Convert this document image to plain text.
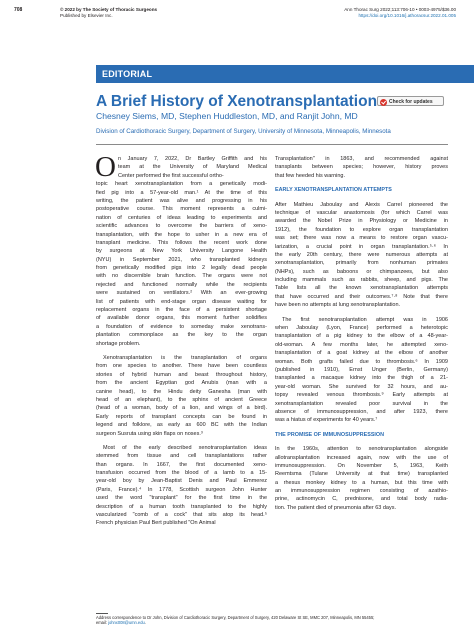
708	© 2022 by The Society of Thoracic Surgeons
Published by Elsevier Inc.
Ann Thorac Surg 2022;113:706-10 • 0003-4975/$36.00
https://doi.org/10.1016/j.athoracsur.2022.01.005
EDITORIAL
A Brief History of Xenotransplantation Check for updates
Chesney Siems, MD, Stephen Huddleston, MD, and Ranjit John, MD
Division of Cardiothoracic Surgery, Department of Surgery, University of Minnesota, Minneapolis, Minnesota
O n January 7, 2022, Dr Bartley Griffith and his

team at the University of Maryland Medical

Center performed the first successful ortho-

topic heart xenotransplantation from a genetically modi-

fied pig into a 57-year-old man.¹ At the time of this

writing, the patient was alive and progressing in his

postoperative course. This moment represents a culmi-

nation of centuries of ideas leading to experiments and

scientific advances to overcome the barriers of xeno-

transplantation, with the hope to usher in a new era of

transplant medicine. This follows the recent work done

by surgeons at New York University Langone Health

(NYU) in September 2021, who transplanted kidneys

from genetically modified pigs into 2 legally dead people

with no discernible brain function. The organs were not

rejected and functioned normally while the recipients

were sustained on ventilators.² With an ever-growing

list of patients with end-stage organ disease waiting for

replacement organs in the face of a persistent shortage

of available donor organs, this moment further solidifies

a foundation of evidence to someday make xenotrans-

plantation commonplace as the key to the organ

shortage problem.

Xenotransplantation is the transplantation of organs

from one species to another. There have been countless

stories of hybrid human and beast throughout history,

from the ancient Egyptian god Anubis (man with a

canine head), to the Hindu deity Ganesha (man with

head of an elephant), to the sphinx of ancient Greece

(head of a woman, body of a lion, and wings of a bird).

Early reports of transplant concepts can be found in

legend and folklore, as early as 600 BC with the Indian

surgeon Susruta using skin flaps on noses.³

Most of the early described xenotransplantation ideas

stemmed from tissue and cell transplantations rather

than organs. In 1667, the first documented xeno-

transfusion occurred from the blood of a lamb to a 15-

year-old boy by Jean-Baptist Denis and Paul Emmerez

(Paris, France).⁴ In 1778, Scottish surgeon John Hunter

used the word "transplant" for the first time in the

description of a human tooth transplanted to the highly

vascularized "comb of a cock" that sits atop its head.⁵

French physician Paul Bert published "On Animal

Transplantation" in 1863, and recommended against

transplants between species; however, history proves

that few heeded his warning.

EARLY XENOTRANSPLANTATION ATTEMPTS

After Mathieu Jaboulay and Alexis Carrel pioneered the

technique of vascular anastomosis (for which Carrel was

awarded the Nobel Prize in Physiology or Medicine in

1912), the foundation to explore organ transplantation

was set; there was now a means to restore organ vascu-

larization, a crucial point in organ transplantation.⁵·⁶ In

the early 20th century, there were numerous attempts at

xenotransplantation, primarily from nonhuman primates

(NHPs), such as baboons or chimpanzees, but also

including mammals such as rabbits, sheep, and pigs. The

Table lists all the known xenotransplantation attempts

that have occurred and their outcomes.⁷·⁸ Note that there

have been no attempts at lung xenotransplantation.

The first xenotransplantation attempt was in 1906

when Jaboulay (Lyon, France) performed a heterotopic

transplantation of a pig kidney to the elbow of a 48-year-

old-woman. A few months later, he attempted xeno-

transplantation of a goat kidney at the elbow of another

woman. Both grafts failed due to thrombosis.⁶ In 1909

(published in 1910), Ernst Unger (Berlin, Germany)

transplanted a macaque kidney into the thigh of a 21-

year-old woman. She survived for 32 hours, and au-

topsy revealed venous thrombosis.⁹ Early attempts at

xenotransplantation revealed poor survival in the

absence of immunosuppression, and after 1923, there

was a hiatus of experiments for 40 years.⁷

THE PROMISE OF IMMUNOSUPPRESSION

In the 1960s, attention to xenotransplantation alongside

allotransplantation increased again, now with the use of

immunosuppression. On November 5, 1963, Keith

Reemtsma (Tulane University at that time) transplanted

a rhesus monkey kidney to a human, but this time with

an immunosuppression regimen consisting of azathio-

prine, actinomycin C, prednisone, and total body radia-

tion. The patient died of pneumonia after 63 days.

Address correspondence to Dr John, Division of Cardiothoracic Surgery, Department of Surgery, 420 Delaware St SE, MMC 207, Minneapolis, MN 55455;
email: johnx008@umn.edu.
